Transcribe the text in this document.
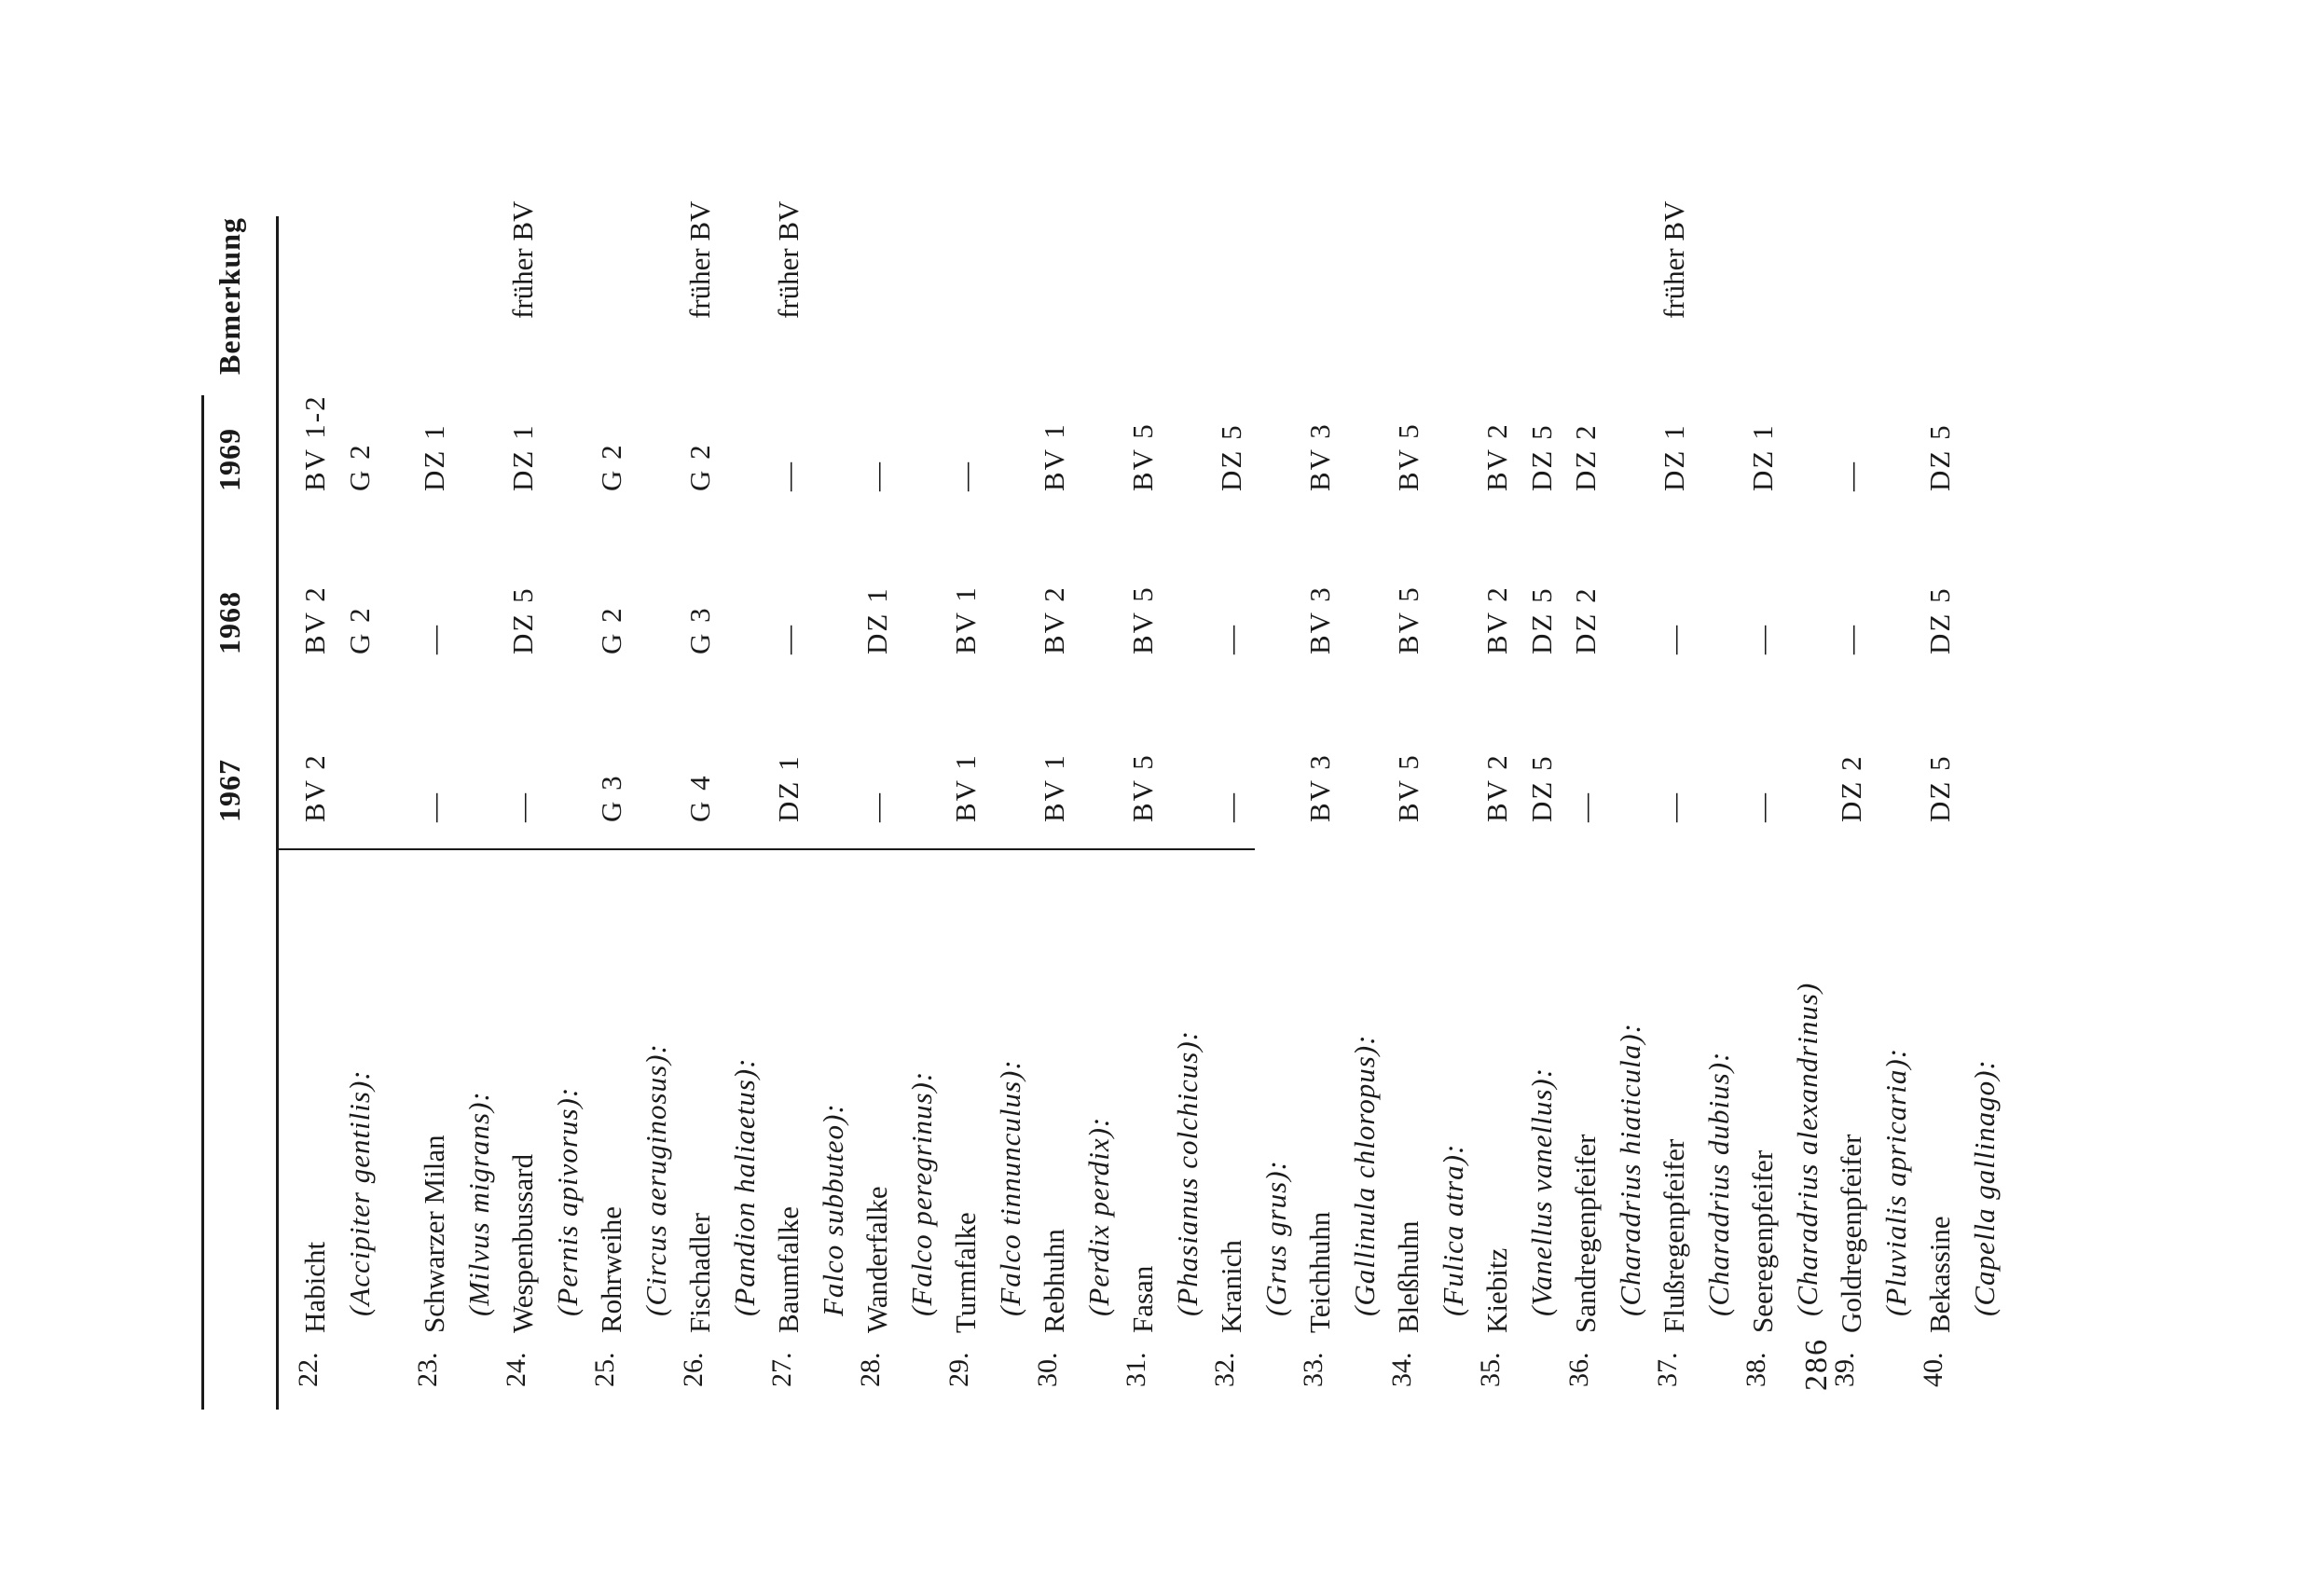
1967
1968
1969
Bemerkung
22.
Habicht (Accipiter gentilis):
BV 2
BV 2 G 2
BV 1-2 G 2
23.
Schwarzer Milan (Milvus migrans):
—
—
DZ 1
24.
Wespenbussard (Pernis apivorus):
—
DZ 5
DZ 1
früher BV
25.
Rohrweihe (Circus aeruginosus):
G 3
G 2
G 2
26.
Fischadler (Pandion haliaetus):
G 4
G 3
G 2
früher BV
27.
Baumfalke Falco subbuteo):
DZ 1
—
—
früher BV
28.
Wanderfalke (Falco peregrinus):
—
DZ 1
—
29.
Turmfalke (Falco tinnunculus):
BV 1
BV 1
—
30.
Rebhuhn (Perdix perdix):
BV 1
BV 2
BV 1
31.
Fasan (Phasianus colchicus):
BV 5
BV 5
BV 5
32.
Kranich (Grus grus):
—
—
DZ 5
33.
Teichhuhn (Gallinula chloropus):
BV 3
BV 3
BV 3
34.
Bleßhuhn (Fulica atra):
BV 5
BV 5
BV 5
35.
Kiebitz (Vanellus vanellus):
BV 2 DZ 5
BV 2 DZ 5
BV 2 DZ 5
36.
Sandregenpfeifer (Charadrius hiaticula):
—
DZ 2
DZ 2
37.
Flußregenpfeifer (Charadrius dubius):
—
—
DZ 1
früher BV
38.
Seeregenpfeifer (Charadrius alexandrinus)
—
—
DZ 1
39.
Goldregenpfeifer (Pluvialis apricaria):
DZ 2
—
—
40.
Bekassine (Capella gallinago):
DZ 5
DZ 5
DZ 5
286
